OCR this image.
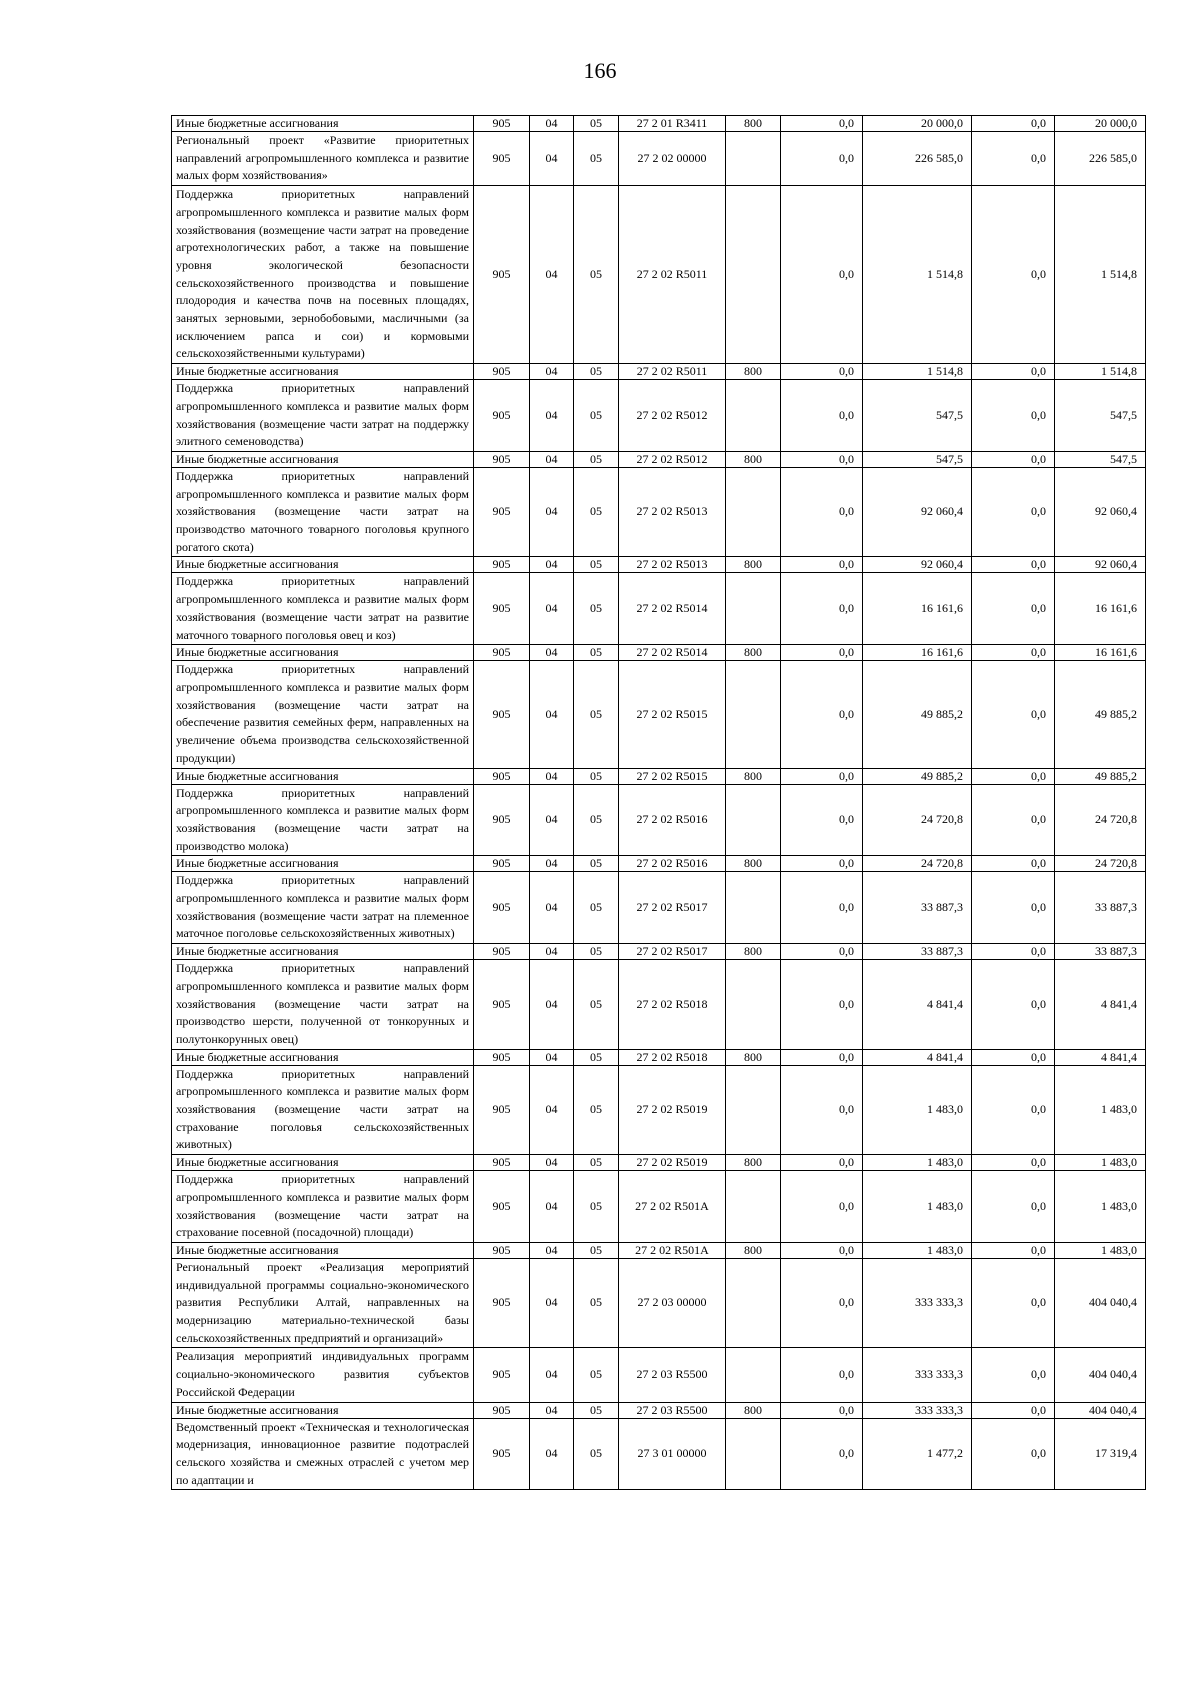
166
Иные бюджетные ассигнования	905	04	05	27 2 01 R3411	800	0,0	20 000,0	0,0	20 000,0
Региональный проект «Развитие приоритетных направлений агропромышленного комплекса и развитие малых форм хозяйствования»	905	04	05	27 2 02 00000		0,0	226 585,0	0,0	226 585,0
Поддержка приоритетных направлений агропромышленного комплекса и развитие малых форм хозяйствования (возмещение части затрат на проведение агротехнологических работ, а также на повышение уровня экологической безопасности сельскохозяйственного производства и повышение плодородия и качества почв на посевных площадях, занятых зерновыми, зернобобовыми, масличными (за исключением рапса и сои) и кормовыми сельскохозяйственными культурами)	905	04	05	27 2 02 R5011		0,0	1 514,8	0,0	1 514,8
Иные бюджетные ассигнования	905	04	05	27 2 02 R5011	800	0,0	1 514,8	0,0	1 514,8
Поддержка приоритетных направлений агропромышленного комплекса и развитие малых форм хозяйствования (возмещение части затрат на поддержку элитного семеноводства)	905	04	05	27 2 02 R5012		0,0	547,5	0,0	547,5
Иные бюджетные ассигнования	905	04	05	27 2 02 R5012	800	0,0	547,5	0,0	547,5
Поддержка приоритетных направлений агропромышленного комплекса и развитие малых форм хозяйствования (возмещение части затрат на производство маточного товарного поголовья крупного рогатого скота)	905	04	05	27 2 02 R5013		0,0	92 060,4	0,0	92 060,4
Иные бюджетные ассигнования	905	04	05	27 2 02 R5013	800	0,0	92 060,4	0,0	92 060,4
Поддержка приоритетных направлений агропромышленного комплекса и развитие малых форм хозяйствования (возмещение части затрат на развитие маточного товарного поголовья овец и коз)	905	04	05	27 2 02 R5014		0,0	16 161,6	0,0	16 161,6
Иные бюджетные ассигнования	905	04	05	27 2 02 R5014	800	0,0	16 161,6	0,0	16 161,6
Поддержка приоритетных направлений агропромышленного комплекса и развитие малых форм хозяйствования (возмещение части затрат на обеспечение развития семейных ферм, направленных на увеличение объема производства сельскохозяйственной продукции)	905	04	05	27 2 02 R5015		0,0	49 885,2	0,0	49 885,2
Иные бюджетные ассигнования	905	04	05	27 2 02 R5015	800	0,0	49 885,2	0,0	49 885,2
Поддержка приоритетных направлений агропромышленного комплекса и развитие малых форм хозяйствования (возмещение части затрат на производство молока)	905	04	05	27 2 02 R5016		0,0	24 720,8	0,0	24 720,8
Иные бюджетные ассигнования	905	04	05	27 2 02 R5016	800	0,0	24 720,8	0,0	24 720,8
Поддержка приоритетных направлений агропромышленного комплекса и развитие малых форм хозяйствования (возмещение части затрат на племенное маточное поголовье сельскохозяйственных животных)	905	04	05	27 2 02 R5017		0,0	33 887,3	0,0	33 887,3
Иные бюджетные ассигнования	905	04	05	27 2 02 R5017	800	0,0	33 887,3	0,0	33 887,3
Поддержка приоритетных направлений агропромышленного комплекса и развитие малых форм хозяйствования (возмещение части затрат на производство шерсти, полученной от тонкорунных и полутонкорунных овец)	905	04	05	27 2 02 R5018		0,0	4 841,4	0,0	4 841,4
Иные бюджетные ассигнования	905	04	05	27 2 02 R5018	800	0,0	4 841,4	0,0	4 841,4
Поддержка приоритетных направлений агропромышленного комплекса и развитие малых форм хозяйствования (возмещение части затрат на страхование поголовья сельскохозяйственных животных)	905	04	05	27 2 02 R5019		0,0	1 483,0	0,0	1 483,0
Иные бюджетные ассигнования	905	04	05	27 2 02 R5019	800	0,0	1 483,0	0,0	1 483,0
Поддержка приоритетных направлений агропромышленного комплекса и развитие малых форм хозяйствования (возмещение части затрат на страхование посевной (посадочной) площади)	905	04	05	27 2 02 R501A		0,0	1 483,0	0,0	1 483,0
Иные бюджетные ассигнования	905	04	05	27 2 02 R501A	800	0,0	1 483,0	0,0	1 483,0
Региональный проект «Реализация мероприятий индивидуальной программы социально-экономического развития Республики Алтай, направленных на модернизацию материально-технической базы сельскохозяйственных предприятий и организаций»	905	04	05	27 2 03 00000		0,0	333 333,3	0,0	404 040,4
Реализация мероприятий индивидуальных программ социально-экономического развития субъектов Российской Федерации	905	04	05	27 2 03 R5500		0,0	333 333,3	0,0	404 040,4
Иные бюджетные ассигнования	905	04	05	27 2 03 R5500	800	0,0	333 333,3	0,0	404 040,4
Ведомственный проект «Техническая и технологическая модернизация, инновационное развитие подотраслей сельского хозяйства и смежных отраслей с учетом мер по адаптации и	905	04	05	27 3 01 00000		0,0	1 477,2	0,0	17 319,4
